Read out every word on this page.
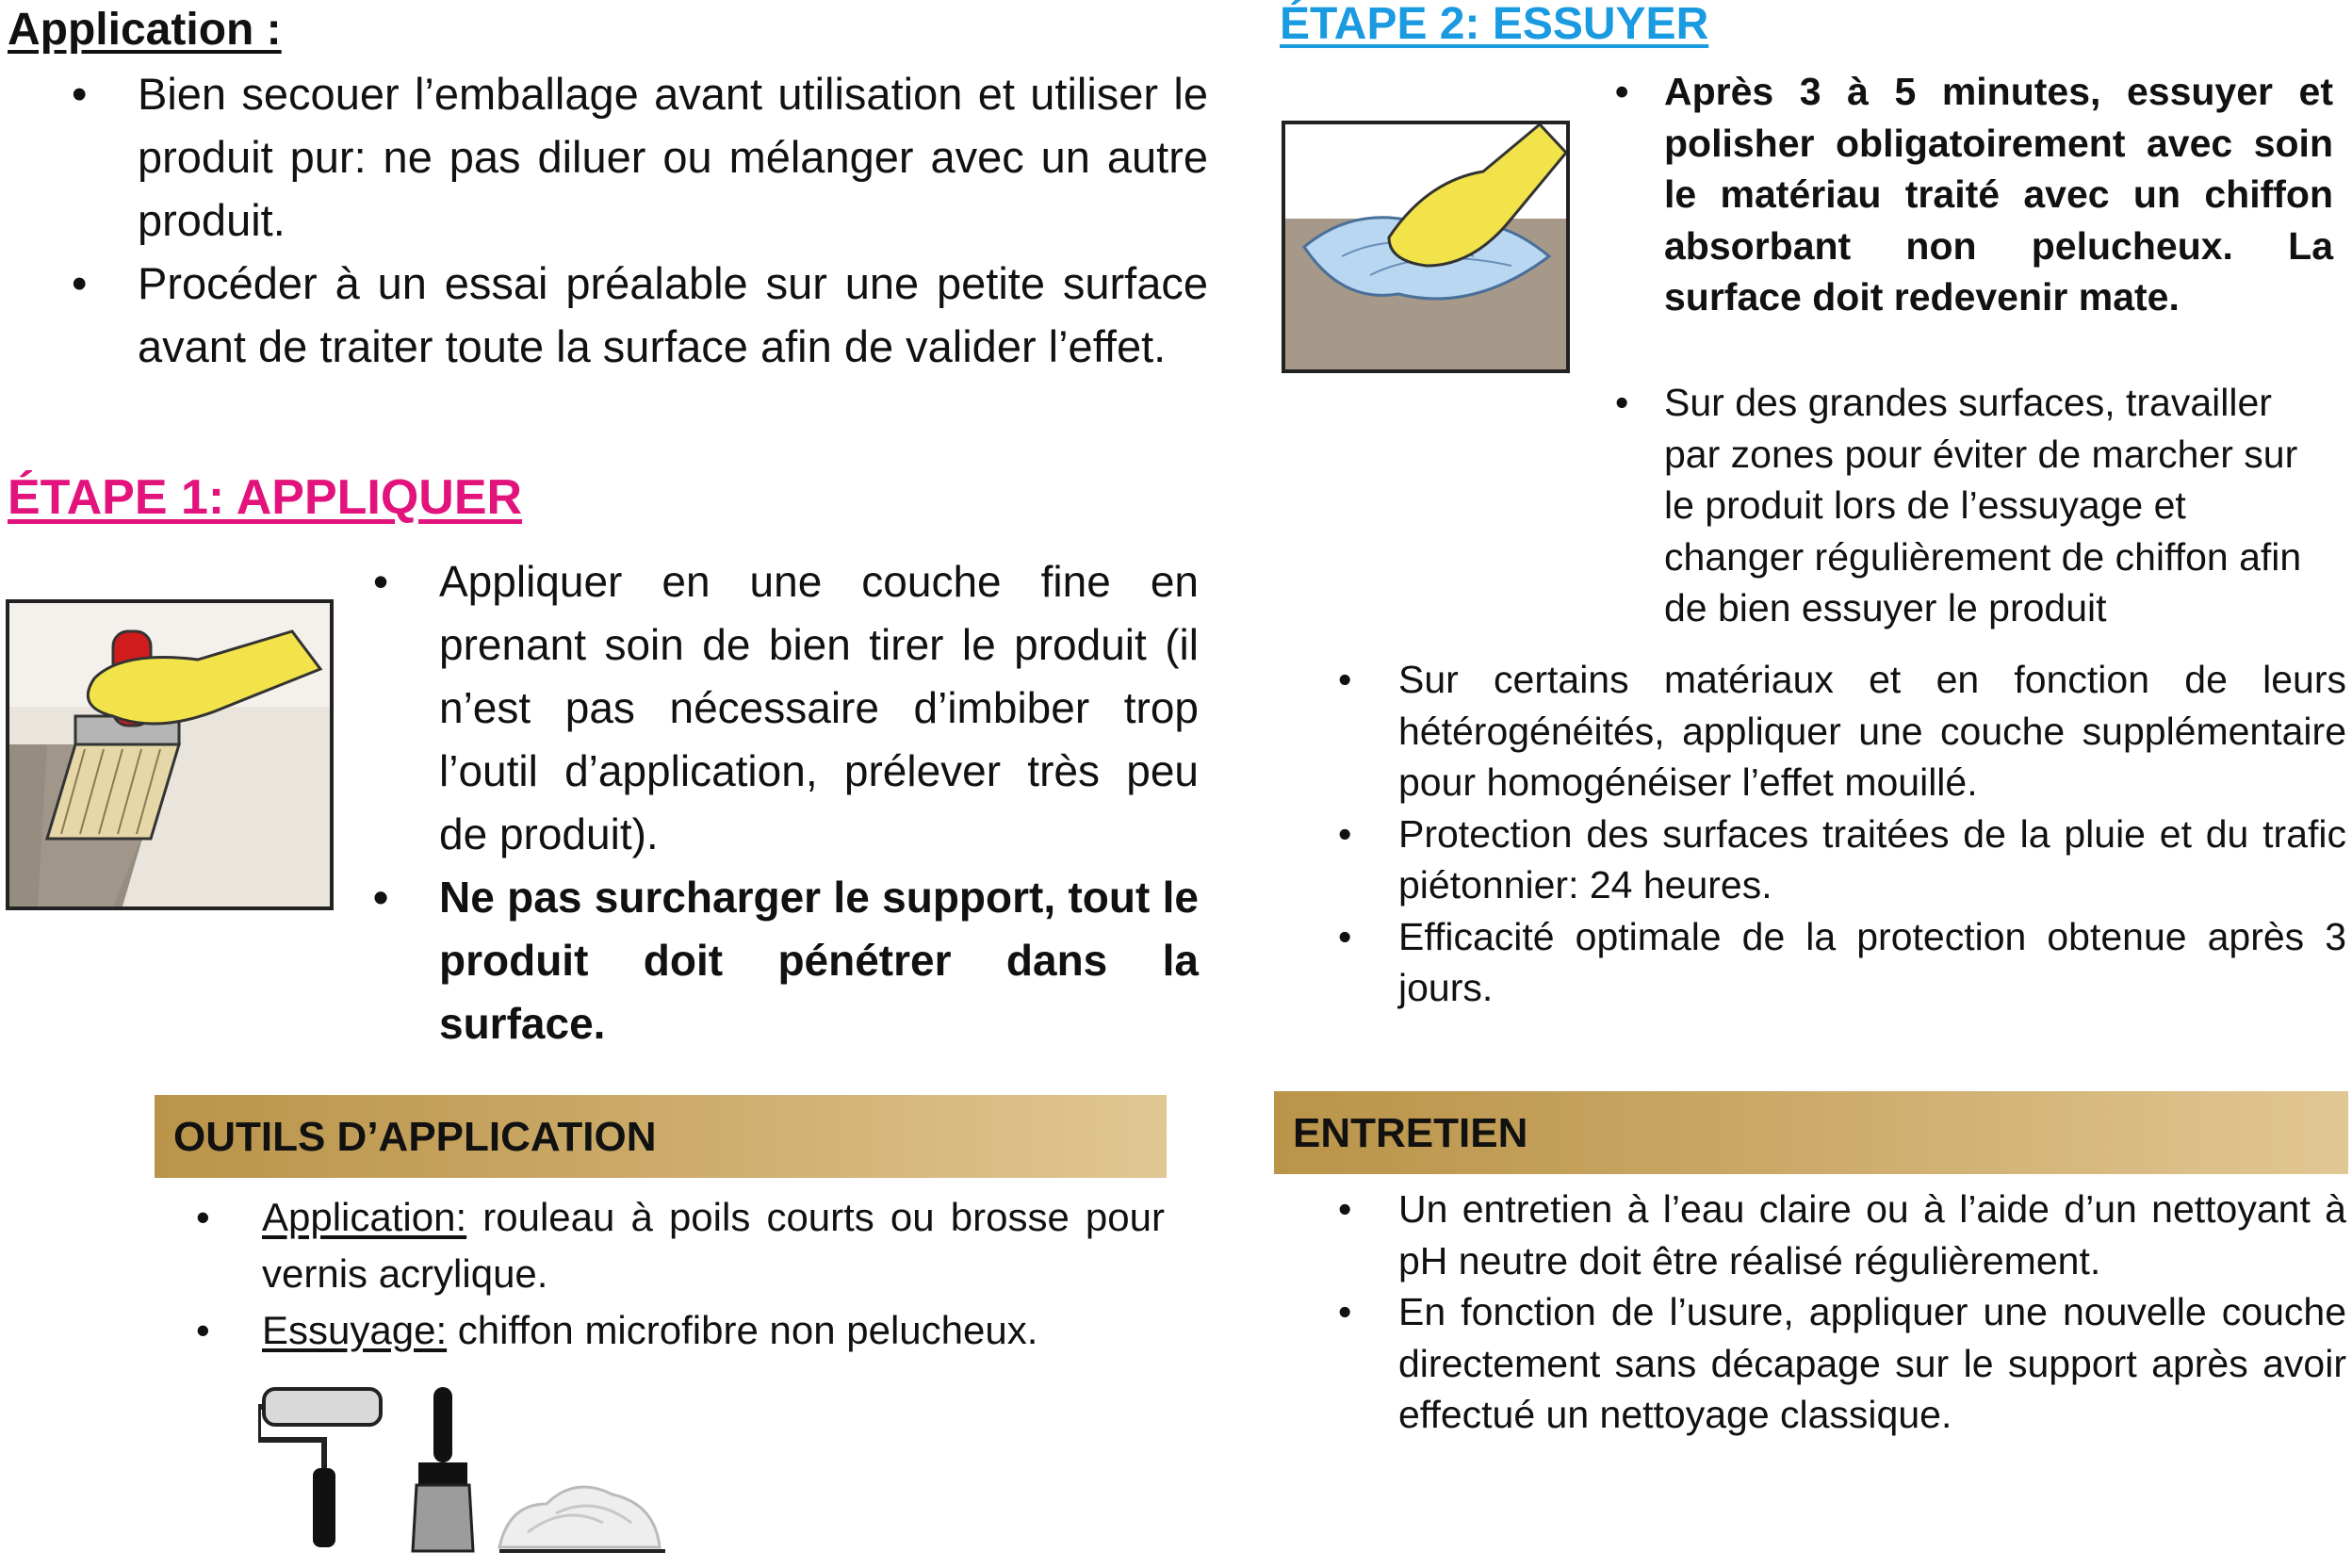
Application :
• Bien secouer l’emballage avant utilisation et utiliser le produit pur: ne pas diluer ou mélanger avec un autre produit.
• Procéder à un essai préalable sur une petite surface avant de traiter toute la surface afin de valider l’effet.
ÉTAPE 1: APPLIQUER
• Appliquer en une couche fine en prenant soin de bien tirer le produit (il n’est pas nécessaire d’imbiber trop l’outil d’application, prélever très peu de produit).
• Ne pas surcharger le support, tout le produit doit pénétrer dans la surface.
OUTILS D’APPLICATION
• Application: rouleau à poils courts ou brosse pour vernis acrylique.
• Essuyage: chiffon microfibre non pelucheux.
ÉTAPE 2: ESSUYER
• Après 3 à 5 minutes, essuyer et polisher obligatoirement avec soin le matériau traité avec un chiffon absorbant non pelucheux. La surface doit redevenir mate.
• Sur des grandes surfaces, travailler par zones pour éviter de marcher sur le produit lors de l’essuyage et changer régulièrement de chiffon afin de bien essuyer le produit
• Sur certains matériaux et en fonction de leurs hétérogénéités, appliquer une couche supplémentaire pour homogénéiser l’effet mouillé.
• Protection des surfaces traitées de la pluie et du trafic piétonnier: 24 heures.
• Efficacité optimale de la protection obtenue après 3 jours.
ENTRETIEN
• Un entretien à l’eau claire ou à l’aide d’un nettoyant à pH neutre doit être réalisé régulièrement.
• En fonction de l’usure, appliquer une nouvelle couche directement sans décapage sur le support après avoir effectué un nettoyage classique.
